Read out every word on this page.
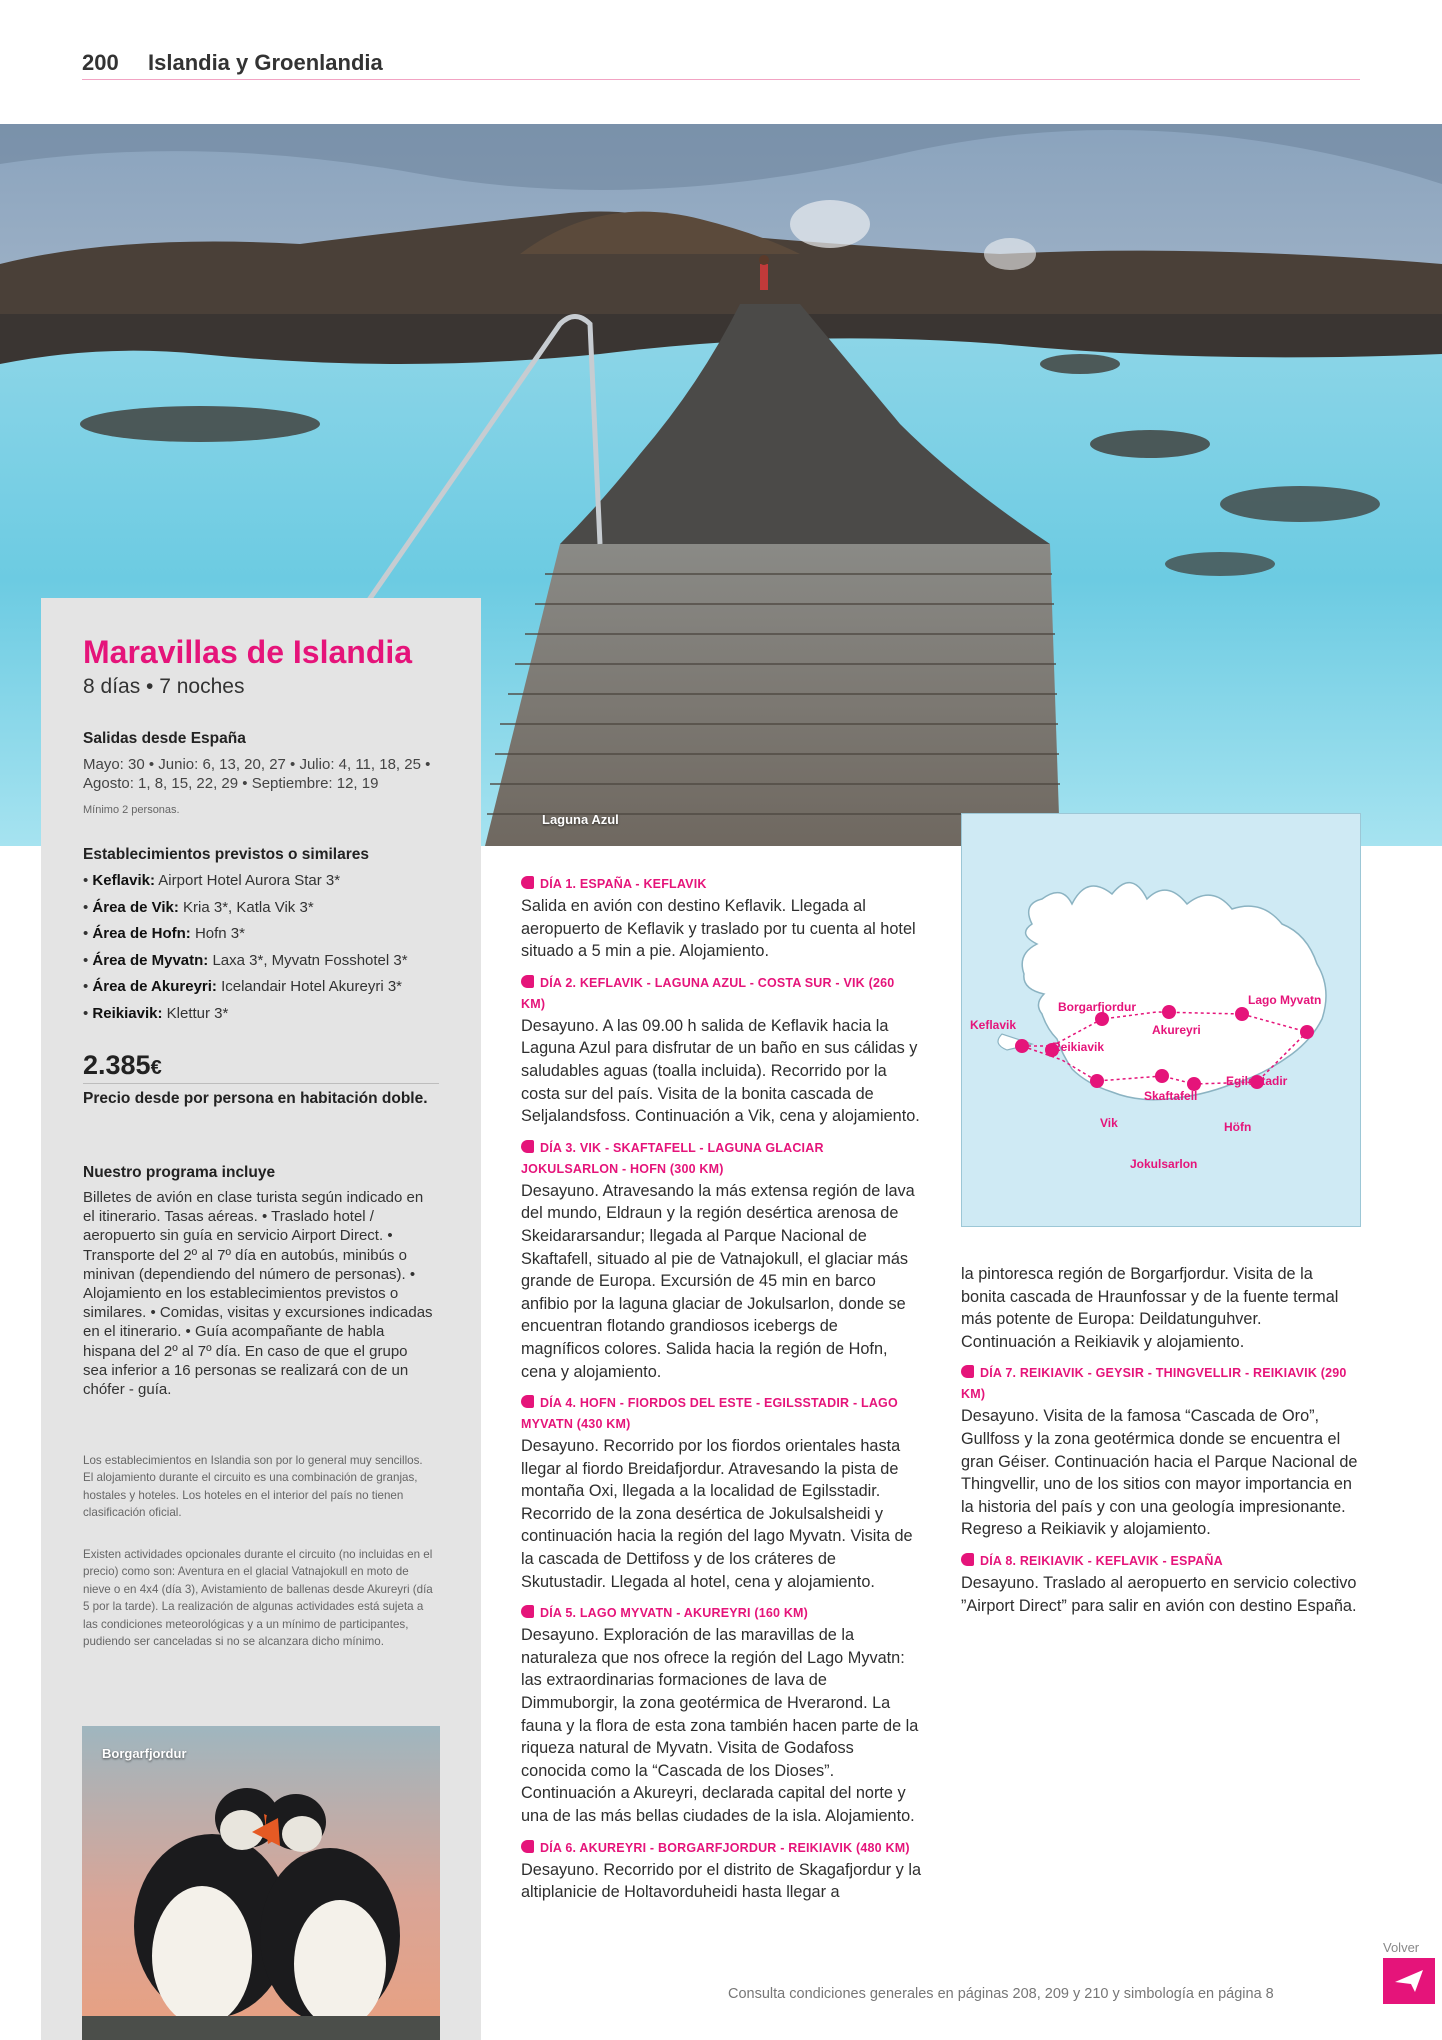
200 Islandia y Groenlandia
Laguna Azul
Maravillas de Islandia
8 días • 7 noches
Salidas desde España
Mayo: 30 • Junio: 6, 13, 20, 27 • Julio: 4, 11, 18, 25 • Agosto: 1, 8, 15, 22, 29 • Septiembre: 12, 19
Mínimo 2 personas.
Establecimientos previstos o similares
• Keflavik: Airport Hotel Aurora Star 3*
• Área de Vik: Kria 3*, Katla Vik 3*
• Área de Hofn: Hofn 3*
• Área de Myvatn: Laxa 3*, Myvatn Fosshotel 3*
• Área de Akureyri: Icelandair Hotel Akureyri 3*
• Reikiavik: Klettur 3*
2.385€
Precio desde por persona en habitación doble.
Nuestro programa incluye
Billetes de avión en clase turista según indicado en el itinerario. Tasas aéreas. • Traslado hotel / aeropuerto sin guía en servicio Airport Direct. • Transporte del 2º al 7º día en autobús, minibús o minivan (dependiendo del número de personas). • Alojamiento en los establecimientos previstos o similares. • Comidas, visitas y excursiones indicadas en el itinerario. • Guía acompañante de habla hispana del 2º al 7º día. En caso de que el grupo sea inferior a 16 personas se realizará con de un chófer - guía.
Los establecimientos en Islandia son por lo general muy sencillos. El alojamiento durante el circuito es una combinación de granjas, hostales y hoteles. Los hoteles en el interior del país no tienen clasificación oficial.
Existen actividades opcionales durante el circuito (no incluidas en el precio) como son: Aventura en el glacial Vatnajokull en moto de nieve o en 4x4 (día 3), Avistamiento de ballenas desde Akureyri (día 5 por la tarde). La realización de algunas actividades está sujeta a las condiciones meteorológicas y a un mínimo de participantes, pudiendo ser canceladas si no se alcanzara dicho mínimo.
Borgarfjordur
DÍA 1. ESPAÑA - KEFLAVIK
Salida en avión con destino Keflavik. Llegada al aeropuerto de Keflavik y traslado por tu cuenta al hotel situado a 5 min a pie. Alojamiento.
DÍA 2. KEFLAVIK - LAGUNA AZUL - COSTA SUR - VIK (260 KM)
Desayuno. A las 09.00 h salida de Keflavik hacia la Laguna Azul para disfrutar de un baño en sus cálidas y saludables aguas (toalla incluida). Recorrido por la costa sur del país. Visita de la bonita cascada de Seljalandsfoss. Continuación a Vik, cena y alojamiento.
DÍA 3. VIK - SKAFTAFELL - LAGUNA GLACIAR JOKULSARLON - HOFN (300 KM)
Desayuno. Atravesando la más extensa región de lava del mundo, Eldraun y la región desértica arenosa de Skeidararsandur; llegada al Parque Nacional de Skaftafell, situado al pie de Vatnajokull, el glaciar más grande de Europa. Excursión de 45 min en barco anfibio por la laguna glaciar de Jokulsarlon, donde se encuentran flotando grandiosos icebergs de magníficos colores. Salida hacia la región de Hofn, cena y alojamiento.
DÍA 4. HOFN - FIORDOS DEL ESTE - EGILSSTADIR - LAGO MYVATN (430 KM)
Desayuno. Recorrido por los fiordos orientales hasta llegar al fiordo Breidafjordur. Atravesando la pista de montaña Oxi, llegada a la localidad de Egilsstadir. Recorrido de la zona desértica de Jokulsalsheidi y continuación hacia la región del lago Myvatn. Visita de la cascada de Dettifoss y de los cráteres de Skutustadir. Llegada al hotel, cena y alojamiento.
DÍA 5. LAGO MYVATN - AKUREYRI (160 KM)
Desayuno. Exploración de las maravillas de la naturaleza que nos ofrece la región del Lago Myvatn: las extraordinarias formaciones de lava de Dimmuborgir, la zona geotérmica de Hverarond. La fauna y la flora de esta zona también hacen parte de la riqueza natural de Myvatn. Visita de Godafoss conocida como la “Cascada de los Dioses”. Continuación a Akureyri, declarada capital del norte y una de las más bellas ciudades de la isla. Alojamiento.
DÍA 6. AKUREYRI - BORGARFJORDUR - REIKIAVIK (480 KM)
Desayuno. Recorrido por el distrito de Skagafjordur y la altiplanicie de Holtavorduheidi hasta llegar a
Keflavik
Borgarfjordur
Reikiavik
Akureyri
Lago Myvatn
Skaftafell
Egilsstadir
Vik	Höfn
Jokulsarlon
la pintoresca región de Borgarfjordur. Visita de la bonita cascada de Hraunfossar y de la fuente termal más potente de Europa: Deildatunguhver. Continuación a Reikiavik y alojamiento.
DÍA 7. REIKIAVIK - GEYSIR - THINGVELLIR - REIKIAVIK (290 KM)
Desayuno. Visita de la famosa “Cascada de Oro”, Gullfoss y la zona geotérmica donde se encuentra el gran Géiser. Continuación hacia el Parque Nacional de Thingvellir, uno de los sitios con mayor importancia en la historia del país y con una geología impresionante. Regreso a Reikiavik y alojamiento.
DÍA 8. REIKIAVIK - KEFLAVIK - ESPAÑA
Desayuno. Traslado al aeropuerto en servicio colectivo ”Airport Direct” para salir en avión con destino España.
Consulta condiciones generales en páginas 208, 209 y 210 y simbología en página 8
Volver
